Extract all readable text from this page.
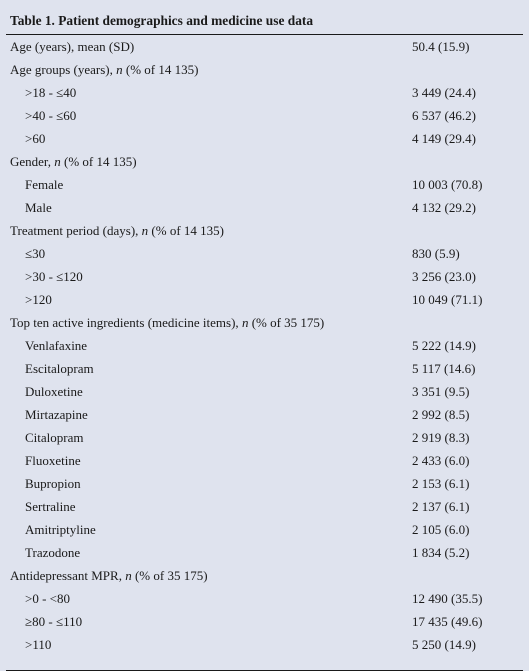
Table 1. Patient demographics and medicine use data
Age (years), mean (SD)	50.4 (15.9)
Age groups (years), n (% of 14 135)
>18 - ≤40	3 449 (24.4)
>40 - ≤60	6 537 (46.2)
>60	4 149 (29.4)
Gender, n (% of 14 135)
Female	10 003 (70.8)
Male	4 132 (29.2)
Treatment period (days), n (% of 14 135)
≤30	830 (5.9)
>30 - ≤120	3 256 (23.0)
>120	10 049 (71.1)
Top ten active ingredients (medicine items), n (% of 35 175)
Venlafaxine	5 222 (14.9)
Escitalopram	5 117 (14.6)
Duloxetine	3 351 (9.5)
Mirtazapine	2 992 (8.5)
Citalopram	2 919 (8.3)
Fluoxetine	2 433 (6.0)
Bupropion	2 153 (6.1)
Sertraline	2 137 (6.1)
Amitriptyline	2 105 (6.0)
Trazodone	1 834 (5.2)
Antidepressant MPR, n (% of 35 175)
>0 - <80	12 490 (35.5)
≥80 - ≤110	17 435 (49.6)
>110	5 250 (14.9)
